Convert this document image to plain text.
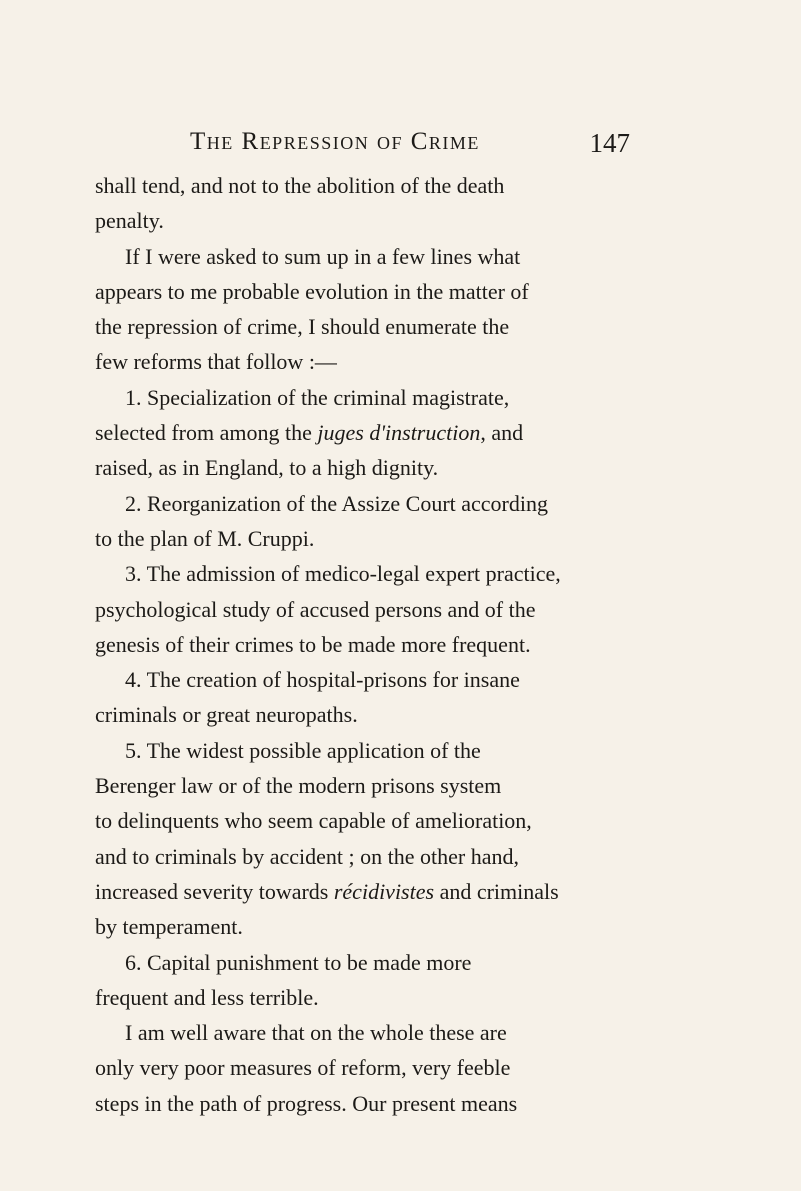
The Repression of Crime	147
shall tend, and not to the abolition of the death
penalty.
If I were asked to sum up in a few lines what
appears to me probable evolution in the matter of
the repression of crime, I should enumerate the
few reforms that follow :—
1. Specialization of the criminal magistrate,
selected from among the juges d'instruction, and
raised, as in England, to a high dignity.
2. Reorganization of the Assize Court according
to the plan of M. Cruppi.
3. The admission of medico-legal expert practice,
psychological study of accused persons and of the
genesis of their crimes to be made more frequent.
4. The creation of hospital-prisons for insane
criminals or great neuropaths.
5. The widest possible application of the
Berenger law or of the modern prisons system
to delinquents who seem capable of amelioration,
and to criminals by accident ; on the other hand,
increased severity towards récidivistes and criminals
by temperament.
6. Capital punishment to be made more
frequent and less terrible.
I am well aware that on the whole these are
only very poor measures of reform, very feeble
steps in the path of progress. Our present means
